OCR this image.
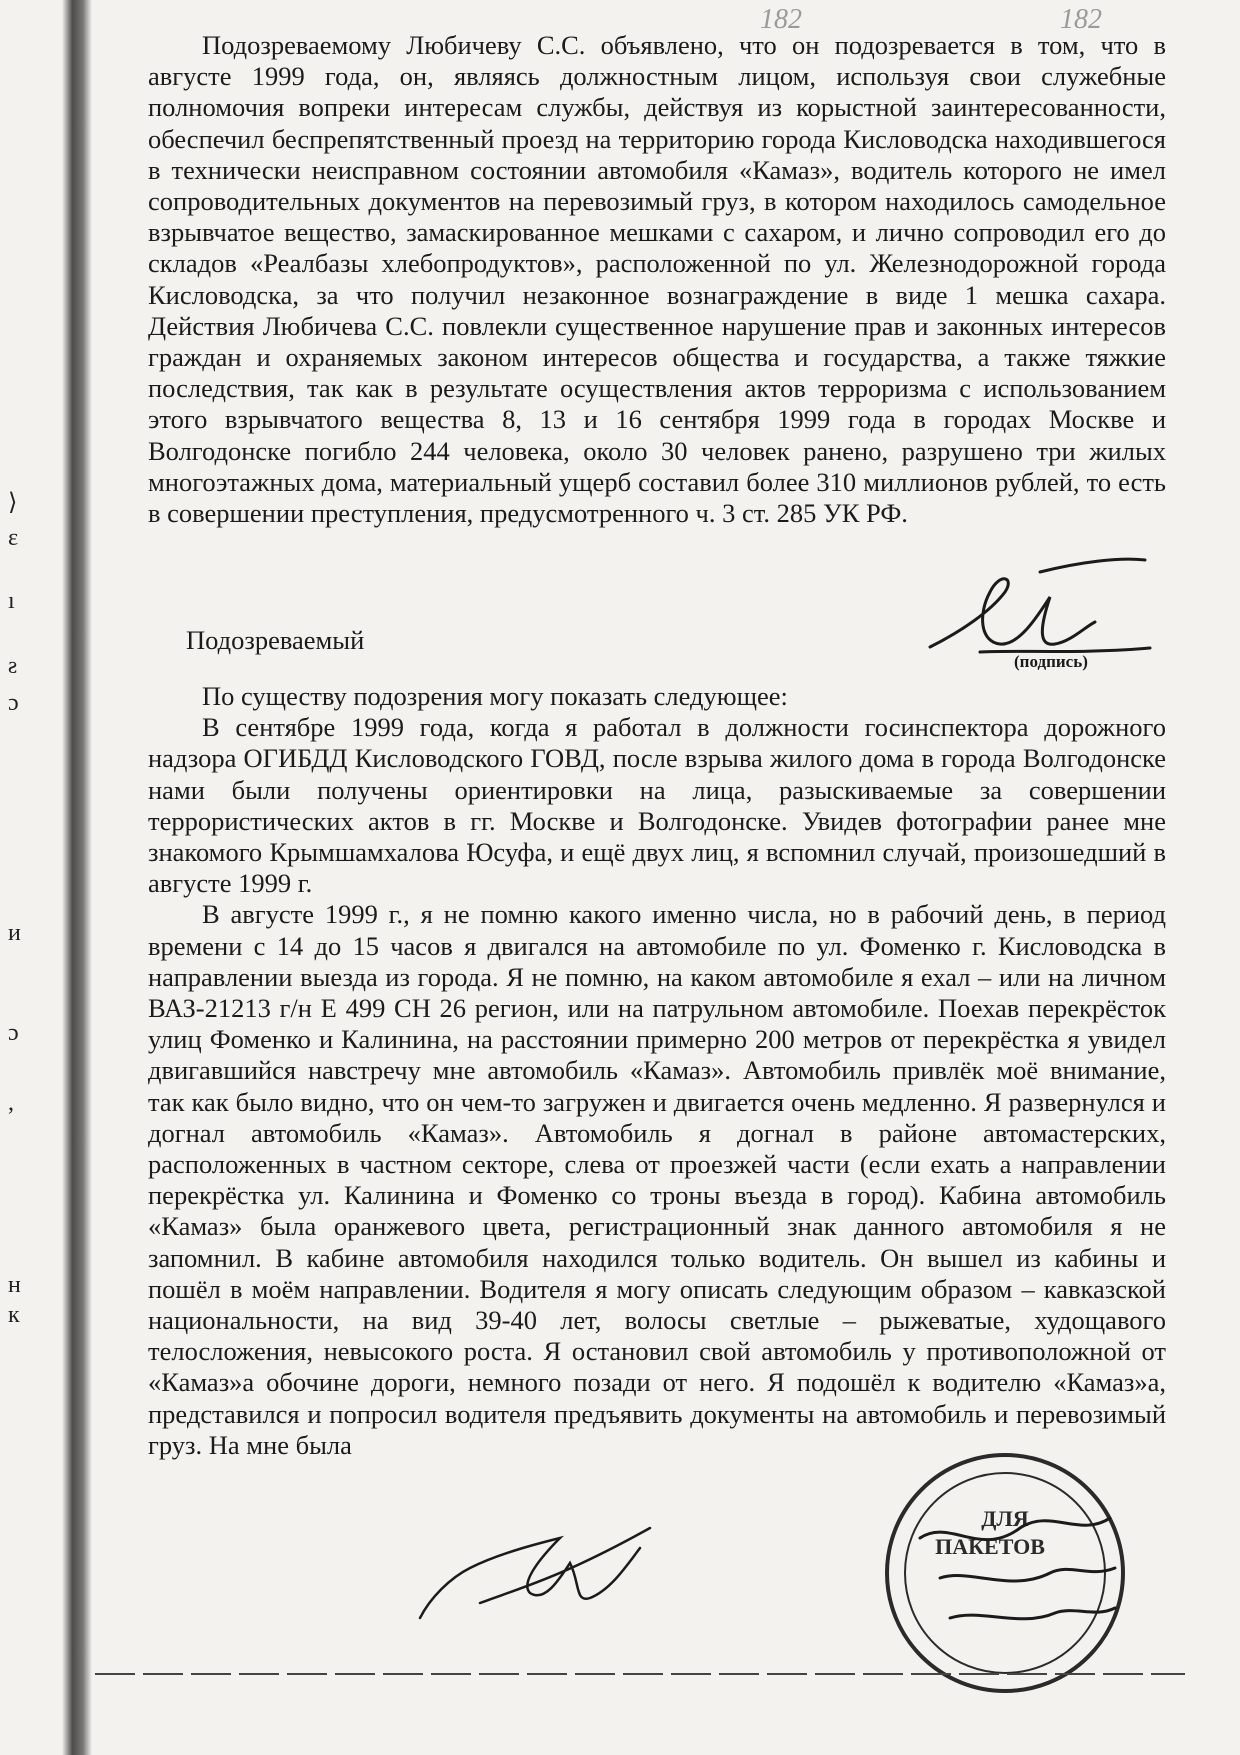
⟩
ɛ
ı
ƨ
ɔ
и
ɔ
,
н
к
182	182

Подозреваемому Любичеву С.С. объявлено, что он подозревается в том, что в августе 1999 года, он, являясь должностным лицом, используя свои служебные полномочия вопреки интересам службы, действуя из корыстной заинтересованности, обеспечил беспрепятственный проезд на территорию города Кисловодска находившегося в технически неисправном состоянии автомобиля «Камаз», водитель которого не имел сопроводительных документов на перевозимый груз, в котором находилось самодельное взрывчатое вещество, замаскированное мешками с сахаром, и лично сопроводил его до складов «Реалбазы хлебопродуктов», расположенной по ул. Железнодорожной города Кисловодска, за что получил незаконное вознаграждение в виде 1 мешка сахара. Действия Любичева С.С. повлекли существенное нарушение прав и законных интересов граждан и охраняемых законом интересов общества и государства, а также тяжкие последствия, так как в результате осуществления актов терроризма с использованием этого взрывчатого вещества 8, 13 и 16 сентября 1999 года в городах Москве и Волгодонске погибло 244 человека, около 30 человек ранено, разрушено три жилых многоэтажных дома, материальный ущерб составил более 310 миллионов рублей, то есть в совершении преступления, предусмотренного ч. 3 ст. 285 УК РФ.

Подозреваемый
(подпись)

По существу подозрения могу показать следующее:

В сентябре 1999 года, когда я работал в должности госинспектора дорожного надзора ОГИБДД Кисловодского ГОВД, после взрыва жилого дома в города Волгодонске нами были получены ориентировки на лица, разыскиваемые за совершении террористических актов в гг. Москве и Волгодонске. Увидев фотографии ранее мне знакомого Крымшамхалова Юсуфа, и ещё двух лиц, я вспомнил случай, произошедший в августе 1999 г.

В августе 1999 г., я не помню какого именно числа, но в рабочий день, в период времени с 14 до 15 часов я двигался на автомобиле по ул. Фоменко г. Кисловодска в направлении выезда из города. Я не помню, на каком автомобиле я ехал – или на личном ВАЗ-21213 г/н Е 499 СН 26 регион, или на патрульном автомобиле. Поехав перекрёсток улиц Фоменко и Калинина, на расстоянии примерно 200 метров от перекрёстка я увидел двигавшийся навстречу мне автомобиль «Камаз». Автомобиль привлёк моё внимание, так как было видно, что он чем-то загружен и двигается очень медленно. Я развернулся и догнал автомобиль «Камаз». Автомобиль я догнал в районе автомастерских, расположенных в частном секторе, слева от проезжей части (если ехать а направлении перекрёстка ул. Калинина и Фоменко со троны въезда в город). Кабина автомобиль «Камаз» была оранжевого цвета, регистрационный знак данного автомобиля я не запомнил. В кабине автомобиля находился только водитель. Он вышел из кабины и пошёл в моём направлении. Водителя я могу описать следующим образом – кавказской национальности, на вид 39-40 лет, волосы светлые – рыжеватые, худощавого телосложения, невысокого роста. Я остановил свой автомобиль у противоположной от «Камаз»а обочине дороги, немного позади от него. Я подошёл к водителю «Камаз»а, представился и попросил водителя предъявить документы на автомобиль и перевозимый груз. На мне была

ДЛЯ
ПАКЕТОВ
